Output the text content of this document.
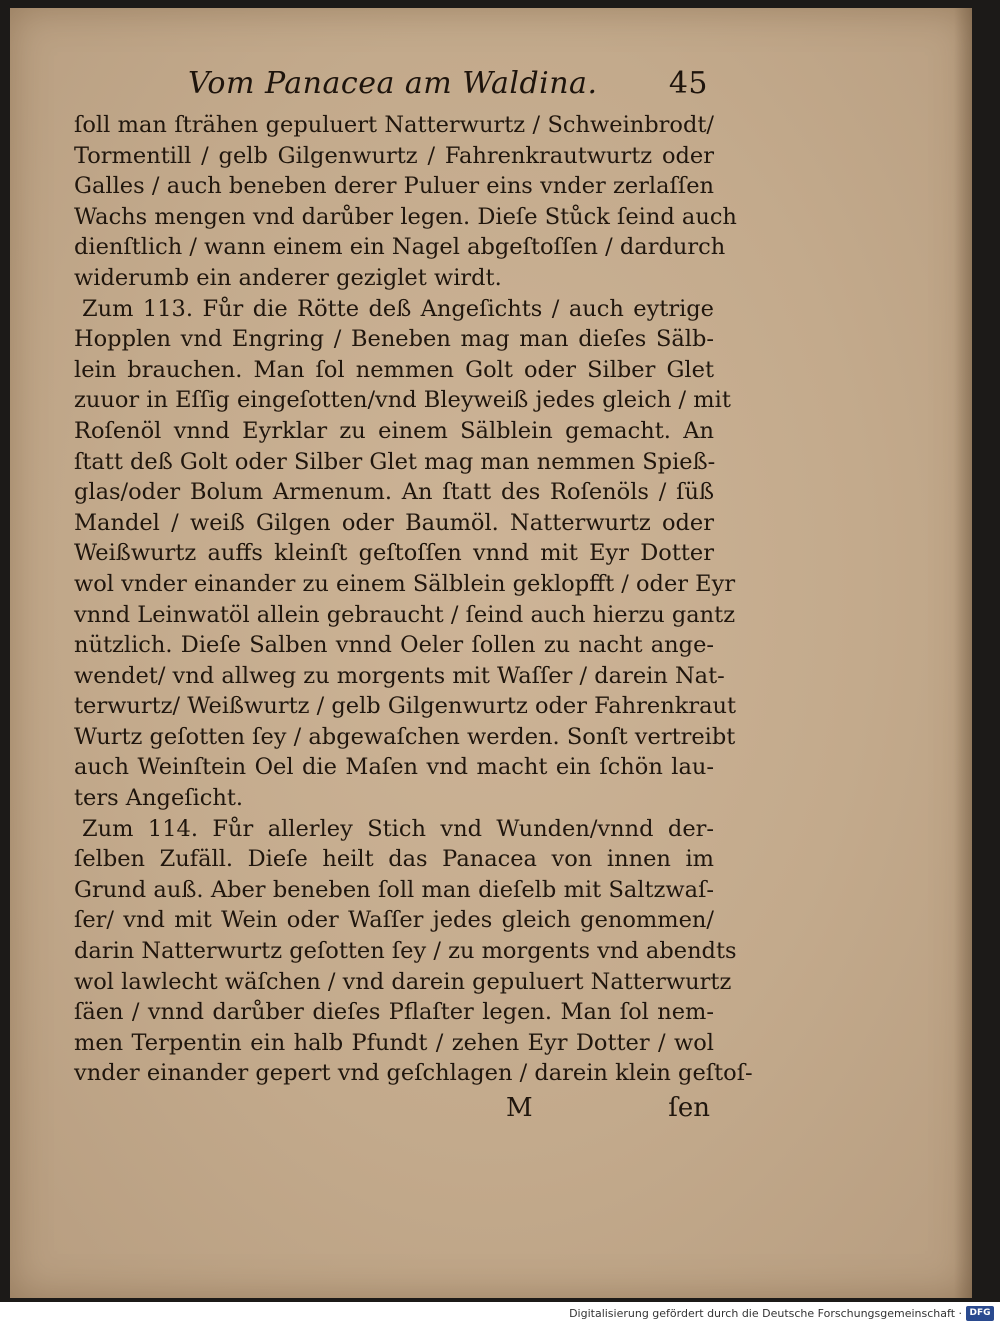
Vom Panacea am Waldina. 45
ſoll man ſträhen gepuluert Natterwurtz / Schweinbrodt/
Tormentill / gelb Gilgenwurtz / Fahrenkrautwurtz oder
Galles / auch beneben derer Puluer eins vnder zerlaſſen
Wachs mengen vnd darůber legen. Dieſe Stůck ſeind auch
dienſtlich / wann einem ein Nagel abgeſtoſſen / dardurch
widerumb ein anderer geziglet wirdt.
Zum 113. Fůr die Rötte deß Angeſichts / auch eytrige
Hopplen vnd Engring / Beneben mag man dieſes Sälb-
lein brauchen. Man ſol nemmen Golt oder Silber Glet
zuuor in Eſſig eingeſotten/vnd Bleyweiß jedes gleich / mit
Roſenöl vnnd Eyrklar zu einem Sälblein gemacht. An
ſtatt deß Golt oder Silber Glet mag man nemmen Spieß-
glas/oder Bolum Armenum. An ſtatt des Roſenöls / ſüß
Mandel / weiß Gilgen oder Baumöl. Natterwurtz oder
Weißwurtz auffs kleinſt geſtoſſen vnnd mit Eyr Dotter
wol vnder einander zu einem Sälblein geklopfft / oder Eyr
vnnd Leinwatöl allein gebraucht / ſeind auch hierzu gantz
nützlich. Dieſe Salben vnnd Oeler ſollen zu nacht ange-
wendet/ vnd allweg zu morgents mit Waſſer / darein Nat-
terwurtz/ Weißwurtz / gelb Gilgenwurtz oder Fahrenkraut
Wurtz geſotten ſey / abgewaſchen werden. Sonſt vertreibt
auch Weinſtein Oel die Maſen vnd macht ein ſchön lau-
ters Angeſicht.
Zum 114. Fůr allerley Stich vnd Wunden/vnnd der-
ſelben Zufäll. Dieſe heilt das Panacea von innen im
Grund auß. Aber beneben ſoll man dieſelb mit Saltzwaſ-
ſer/ vnd mit Wein oder Waſſer jedes gleich genommen/
darin Natterwurtz geſotten ſey / zu morgents vnd abendts
wol lawlecht wäſchen / vnd darein gepuluert Natterwurtz
ſäen / vnnd darůber dieſes Pflaſter legen. Man ſol nem-
men Terpentin ein halb Pfundt / zehen Eyr Dotter / wol
vnder einander gepert vnd geſchlagen / darein klein geſtoſ-
M	ſen
Digitalisierung gefördert durch die Deutsche Forschungsgemeinschaft · DFG
